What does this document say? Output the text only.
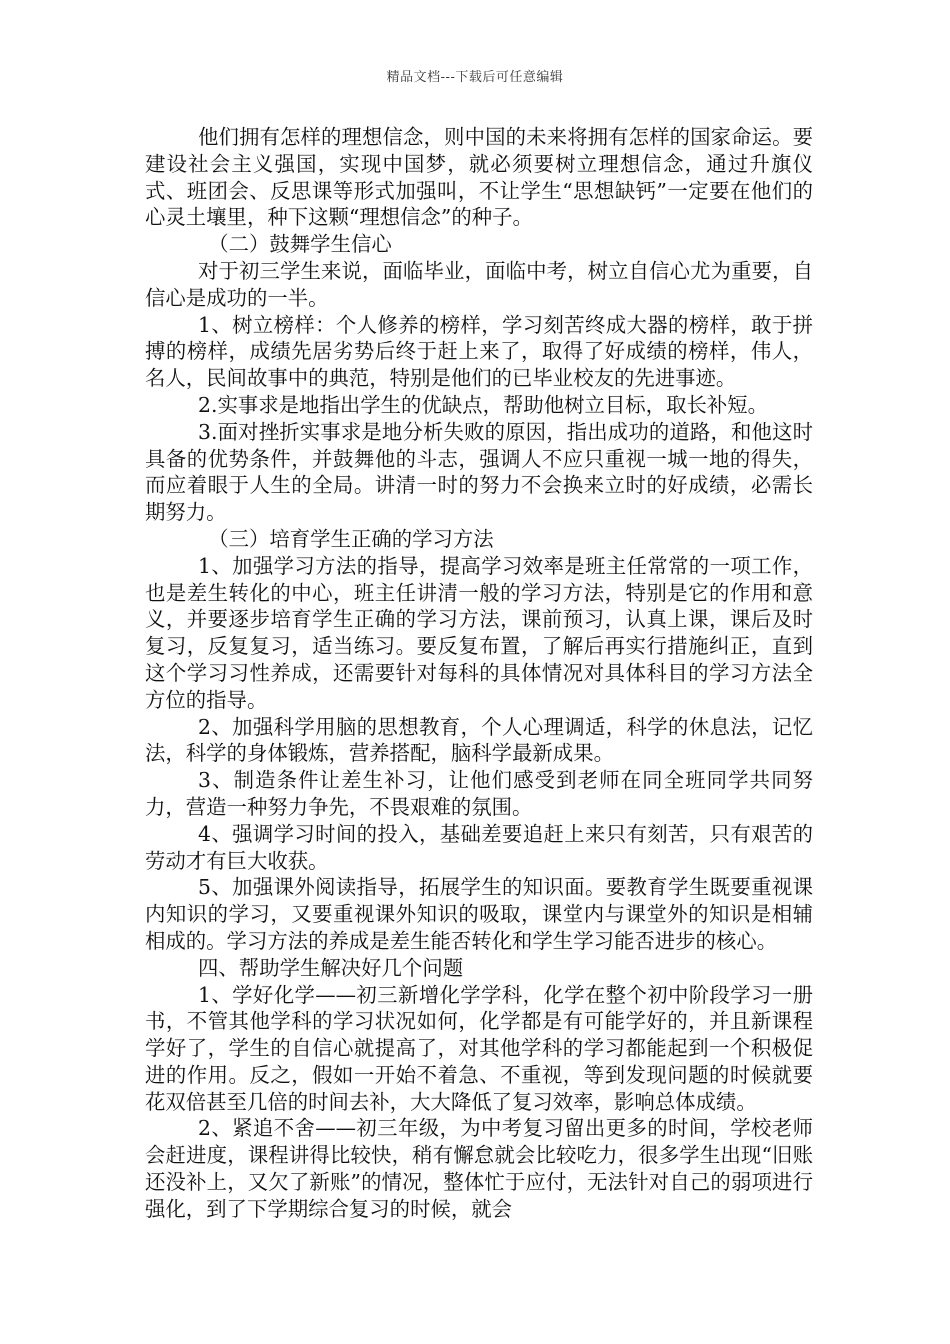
精品文档---下载后可任意编辑

他们拥有怎样的理想信念，则中国的未来将拥有怎样的国家命运。要建设社会主义强国，实现中国梦，就必须要树立理想信念，通过升旗仪式、班团会、反思课等形式加强叫，不让学生“思想缺钙”一定要在他们的心灵土壤里，种下这颗“理想信念”的种子。

（二）鼓舞学生信心

对于初三学生来说，面临毕业，面临中考，树立自信心尤为重要，自信心是成功的一半。

1、树立榜样：个人修养的榜样，学习刻苦终成大器的榜样，敢于拼搏的榜样，成绩先居劣势后终于赶上来了，取得了好成绩的榜样，伟人，名人，民间故事中的典范，特别是他们的已毕业校友的先进事迹。

2.实事求是地指出学生的优缺点，帮助他树立目标，取长补短。

3.面对挫折实事求是地分析失败的原因，指出成功的道路，和他这时具备的优势条件，并鼓舞他的斗志，强调人不应只重视一城一地的得失，而应着眼于人生的全局。讲清一时的努力不会换来立时的好成绩，必需长期努力。

（三）培育学生正确的学习方法

1、加强学习方法的指导，提高学习效率是班主任常常的一项工作，也是差生转化的中心，班主任讲清一般的学习方法，特别是它的作用和意义，并要逐步培育学生正确的学习方法，课前预习，认真上课，课后及时复习，反复复习，适当练习。要反复布置，了解后再实行措施纠正，直到这个学习习性养成，还需要针对每科的具体情况对具体科目的学习方法全方位的指导。

2、加强科学用脑的思想教育，个人心理调适，科学的休息法，记忆法，科学的身体锻炼，营养搭配，脑科学最新成果。

3、制造条件让差生补习，让他们感受到老师在同全班同学共同努力，营造一种努力争先，不畏艰难的氛围。

4、强调学习时间的投入，基础差要追赶上来只有刻苦，只有艰苦的劳动才有巨大收获。

5、加强课外阅读指导，拓展学生的知识面。要教育学生既要重视课内知识的学习，又要重视课外知识的吸取，课堂内与课堂外的知识是相辅相成的。学习方法的养成是差生能否转化和学生学习能否进步的核心。

四、帮助学生解决好几个问题

1、学好化学——初三新增化学学科，化学在整个初中阶段学习一册书，不管其他学科的学习状况如何，化学都是有可能学好的，并且新课程学好了，学生的自信心就提高了，对其他学科的学习都能起到一个积极促进的作用。反之，假如一开始不着急、不重视，等到发现问题的时候就要花双倍甚至几倍的时间去补，大大降低了复习效率，影响总体成绩。

2、紧追不舍——初三年级，为中考复习留出更多的时间，学校老师会赶进度，课程讲得比较快，稍有懈怠就会比较吃力，很多学生出现“旧账还没补上，又欠了新账”的情况，整体忙于应付，无法针对自己的弱项进行强化，到了下学期综合复习的时候，就会
